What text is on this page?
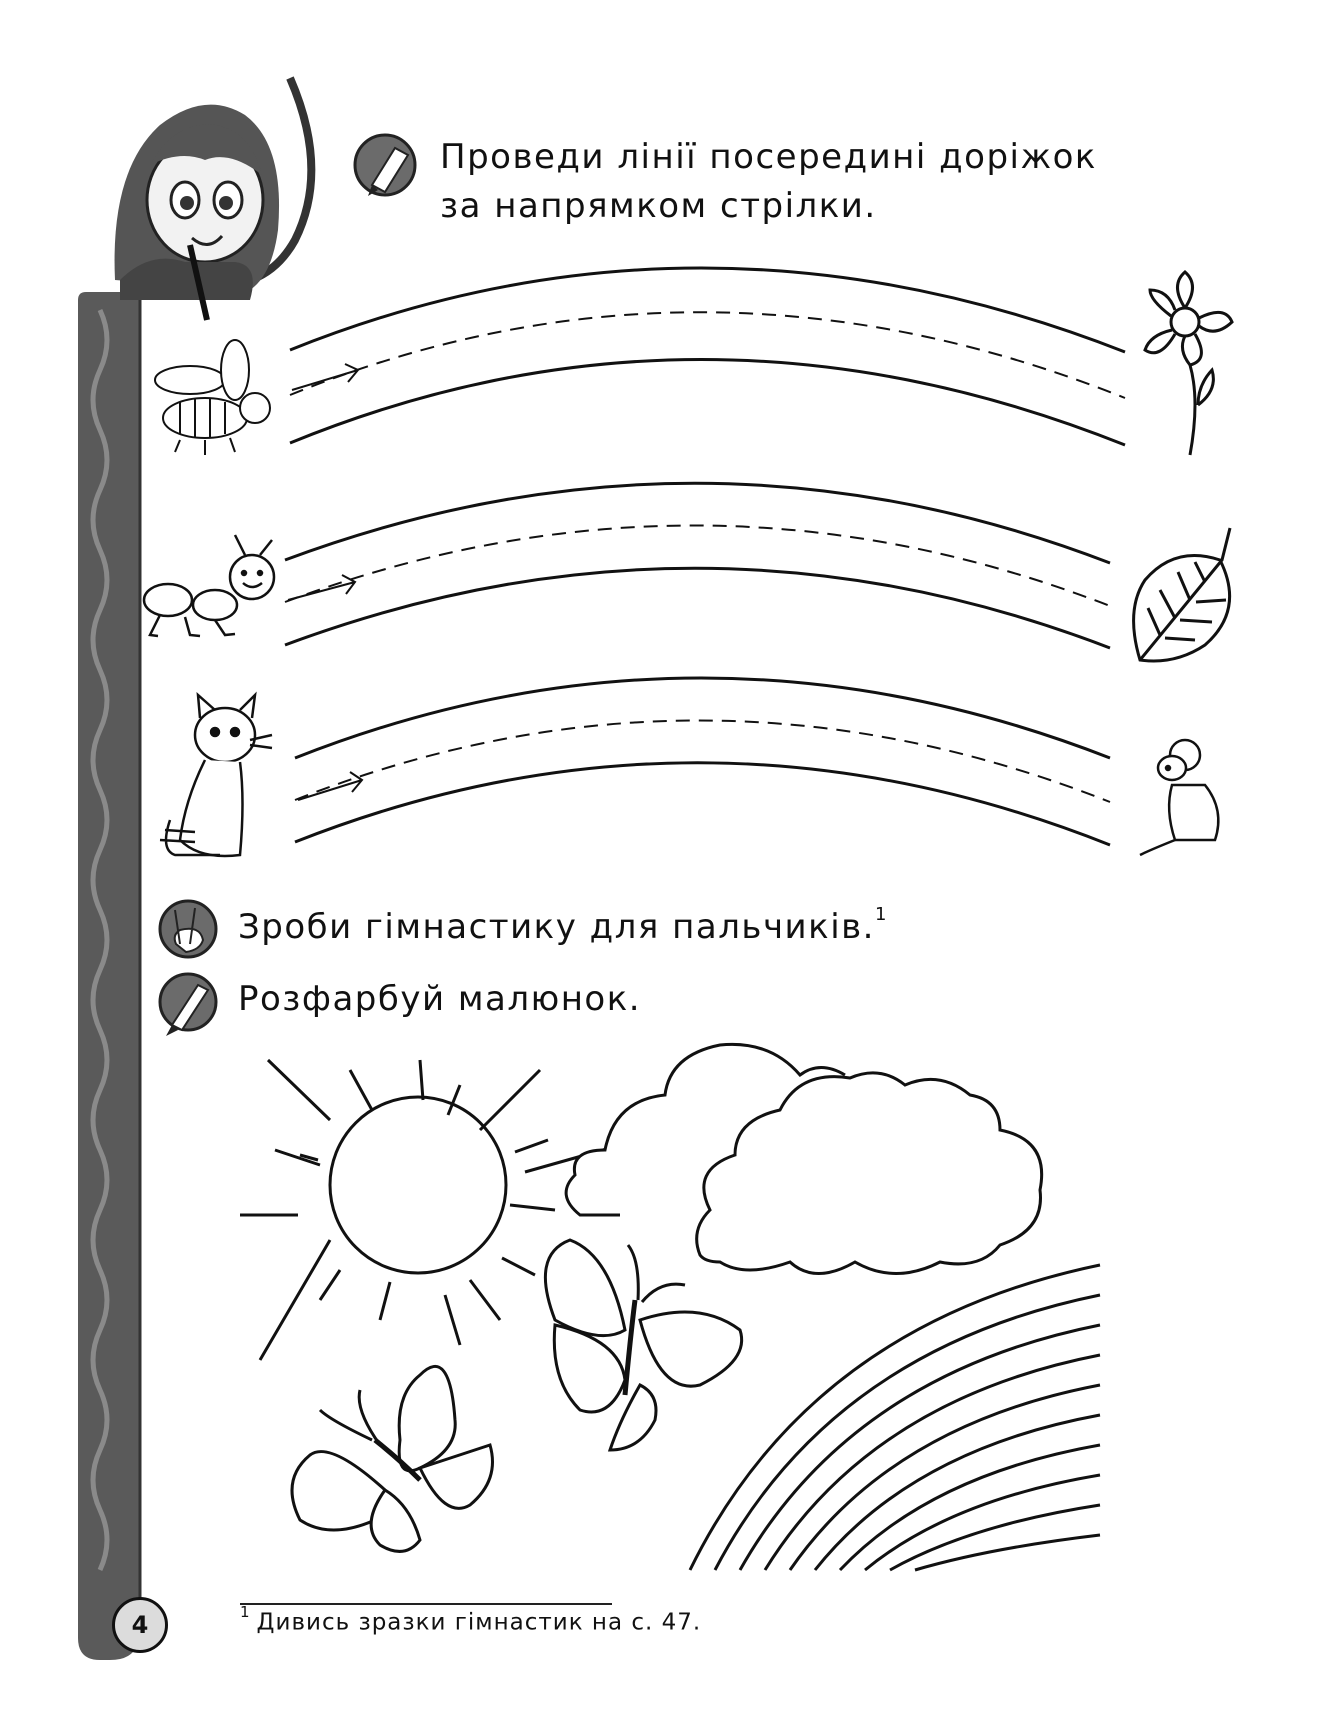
Проведи лінії посередині доріжок
за напрямком стрілки.
Зроби гімнастику для пальчиків.$^1$
Розфарбуй малюнок.
$^1$ Дивись зразки гімнастик на с. 47.
4
